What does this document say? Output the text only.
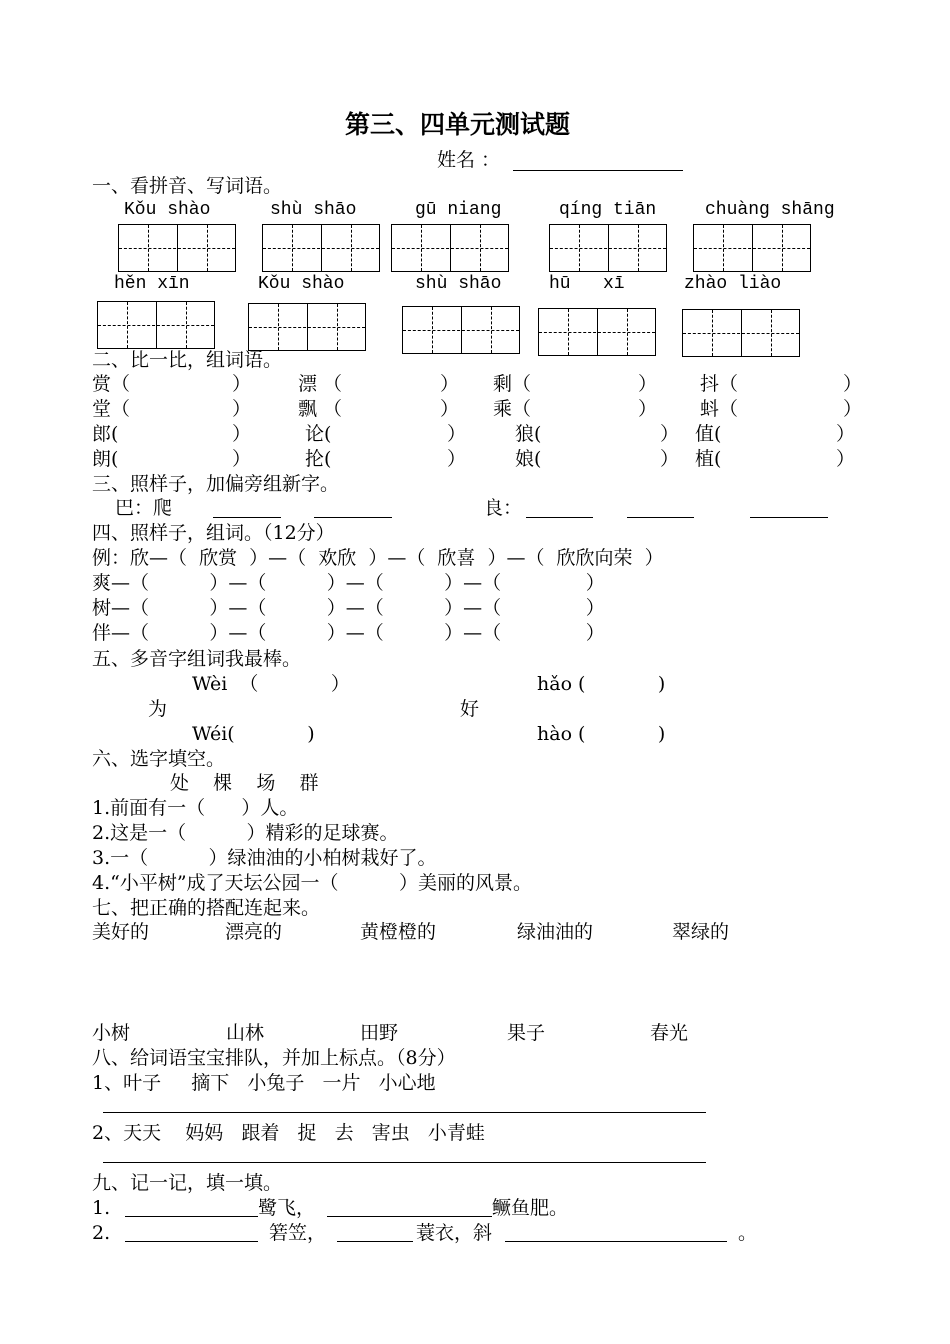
第三、四单元测试题
姓名 ：
一、看拼音、写词语。
Kǒu shào	shù shāo	gū niang	qíng tiān	chuàng shāng
hěn xīn	Kǒu shào	shù shāo	hū   xī	zhào liào
二、比一比，组词语。
赏（	） 漂 （	） 剩（	） 抖（	）
堂（	） 飘 （	） 乘（	） 蚪（	）
郎(	）	论(	）	狼(	） 值(	）
朗(	）	抡(	）	娘(	） 植(	）
三、照样子，加偏旁组新字。
巴：爬	良：
四、照样子，组词。（12分）
例：欣—（  欣赏  ）—（  欢欣  ）—（  欣喜  ）—（  欣欣向荣  ）
爽—（          ）—（          ）—（          ）—（              ）
树—（          ）—（          ）—（          ）—（              ）
伴—（          ）—（          ）—（          ）—（              ）
五、多音字组词我最棒。
Wèi  （            ）	hǎo (            )
为	好
Wéi(            )	hào (            )
六、选字填空。
处    棵    场    群
1.前面有一（      ）人。
2.这是一（          ）精彩的足球赛。
3.一（          ）绿油油的小柏树栽好了。
4.“小平树”成了天坛公园一（          ）美丽的风景。
七、把正确的搭配连起来。
美好的	漂亮的	黄橙橙的	绿油油的	翠绿的
小树	山林	田野	果子	春光
八、给词语宝宝排队，并加上标点。（8分）
1、叶子     摘下   小兔子   一片   小心地
2、天天    妈妈   跟着   捉   去   害虫   小青蛙
九、记一记，填一填。
1.	鹭飞，	鳜鱼肥。
2.	箬笠，	蓑衣，斜	。
